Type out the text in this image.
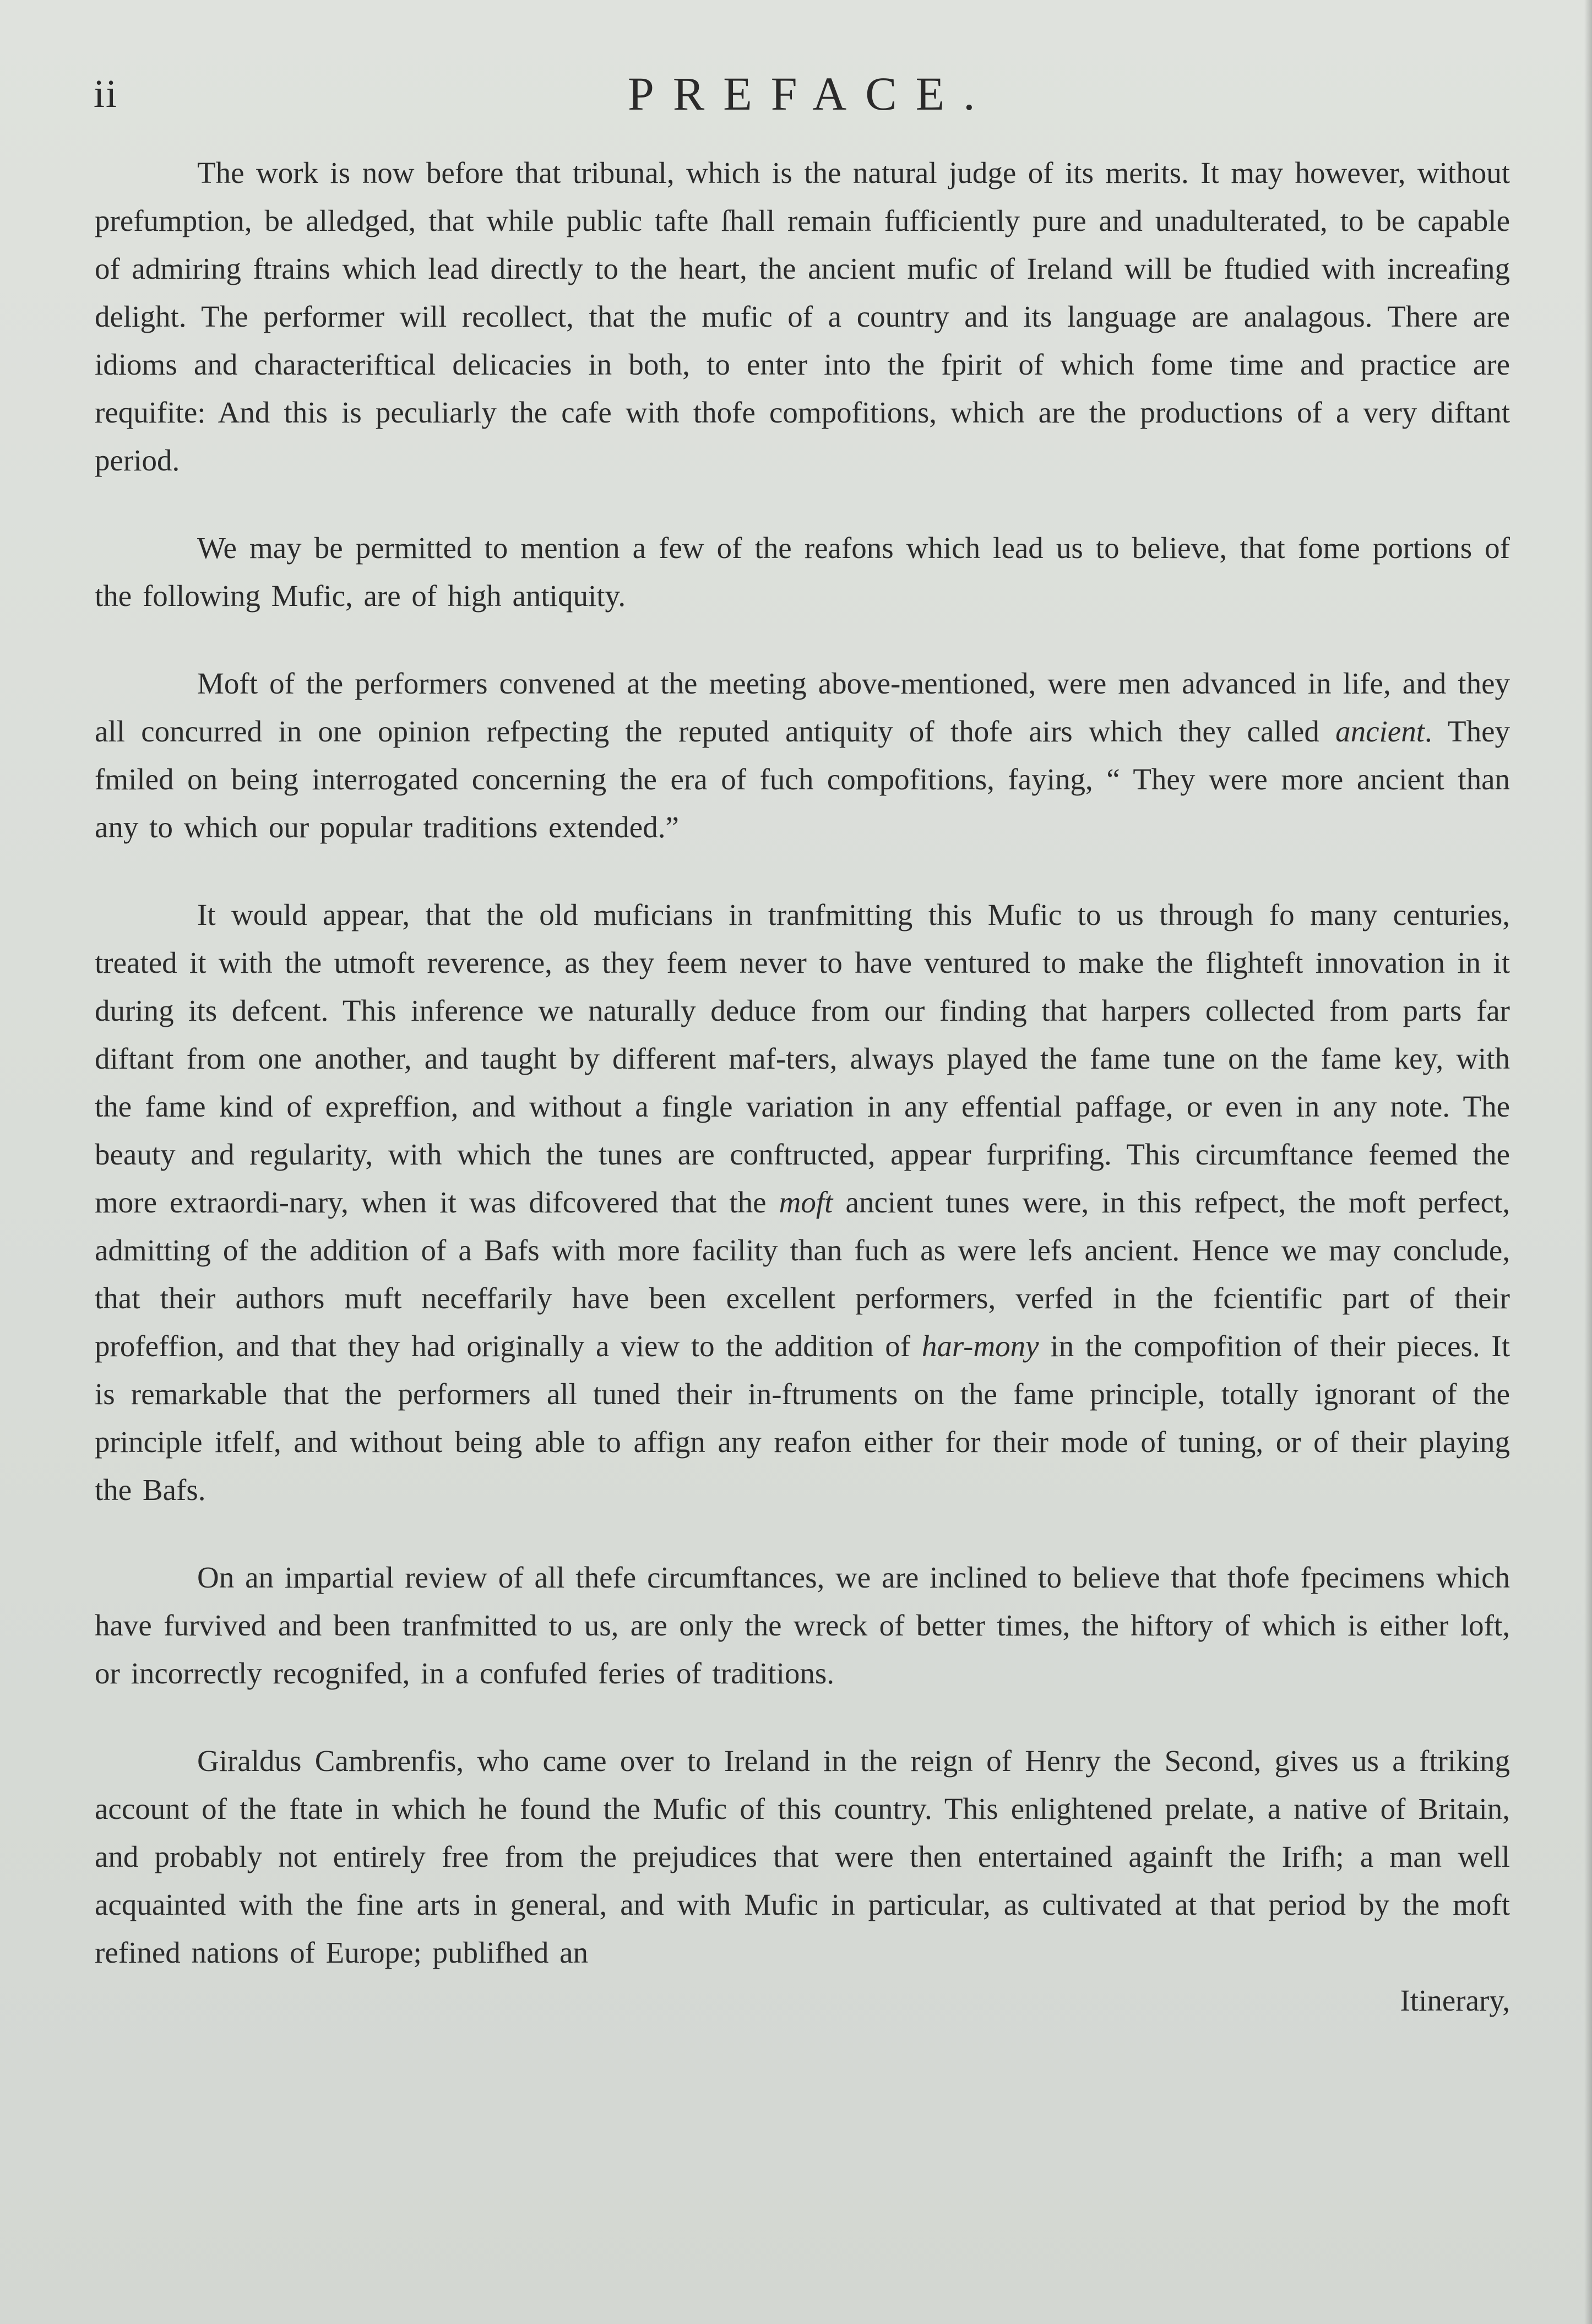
ii	PREFACE.

The work is now before that tribunal, which is the natural judge of its merits. It may however, without prefumption, be alledged, that while public tafte ſhall remain fufficiently pure and unadulterated, to be capable of admiring ftrains which lead directly to the heart, the ancient mufic of Ireland will be ftudied with increafing delight. The performer will recollect, that the mufic of a country and its language are analagous. There are idioms and characteriftical delicacies in both, to enter into the fpirit of which fome time and practice are requifite: And this is peculiarly the cafe with thofe compofitions, which are the productions of a very diftant period.

We may be permitted to mention a few of the reafons which lead us to believe, that fome portions of the following Mufic, are of high antiquity.

Moft of the performers convened at the meeting above-mentioned, were men advanced in life, and they all concurred in one opinion refpecting the reputed antiquity of thofe airs which they called ancient. They fmiled on being interrogated concerning the era of fuch compofitions, faying, “ They were more ancient than any to which our popular traditions extended.”

It would appear, that the old muficians in tranfmitting this Mufic to us through fo many centuries, treated it with the utmoft reverence, as they feem never to have ventured to make the flighteft innovation in it during its defcent. This inference we naturally deduce from our finding that harpers collected from parts far diftant from one another, and taught by different maf-ters, always played the fame tune on the fame key, with the fame kind of expreffion, and without a fingle variation in any effential paffage, or even in any note. The beauty and regularity, with which the tunes are conftructed, appear furprifing. This circumftance feemed the more extraordi-nary, when it was difcovered that the moft ancient tunes were, in this refpect, the moft perfect, admitting of the addition of a Bafs with more facility than fuch as were lefs ancient. Hence we may conclude, that their authors muft neceffarily have been excellent performers, verfed in the fcientific part of their profeffion, and that they had originally a view to the addition of har-mony in the compofition of their pieces. It is remarkable that the performers all tuned their in-ftruments on the fame principle, totally ignorant of the principle itfelf, and without being able to affign any reafon either for their mode of tuning, or of their playing the Bafs.

On an impartial review of all thefe circumftances, we are inclined to believe that thofe fpecimens which have furvived and been tranfmitted to us, are only the wreck of better times, the hiftory of which is either loft, or incorrectly recognifed, in a confufed feries of traditions.

Giraldus Cambrenfis, who came over to Ireland in the reign of Henry the Second, gives us a ftriking account of the ftate in which he found the Mufic of this country. This enlightened prelate, a native of Britain, and probably not entirely free from the prejudices that were then entertained againft the Irifh; a man well acquainted with the fine arts in general, and with Mufic in particular, as cultivated at that period by the moft refined nations of Europe; publifhed an

Itinerary,
